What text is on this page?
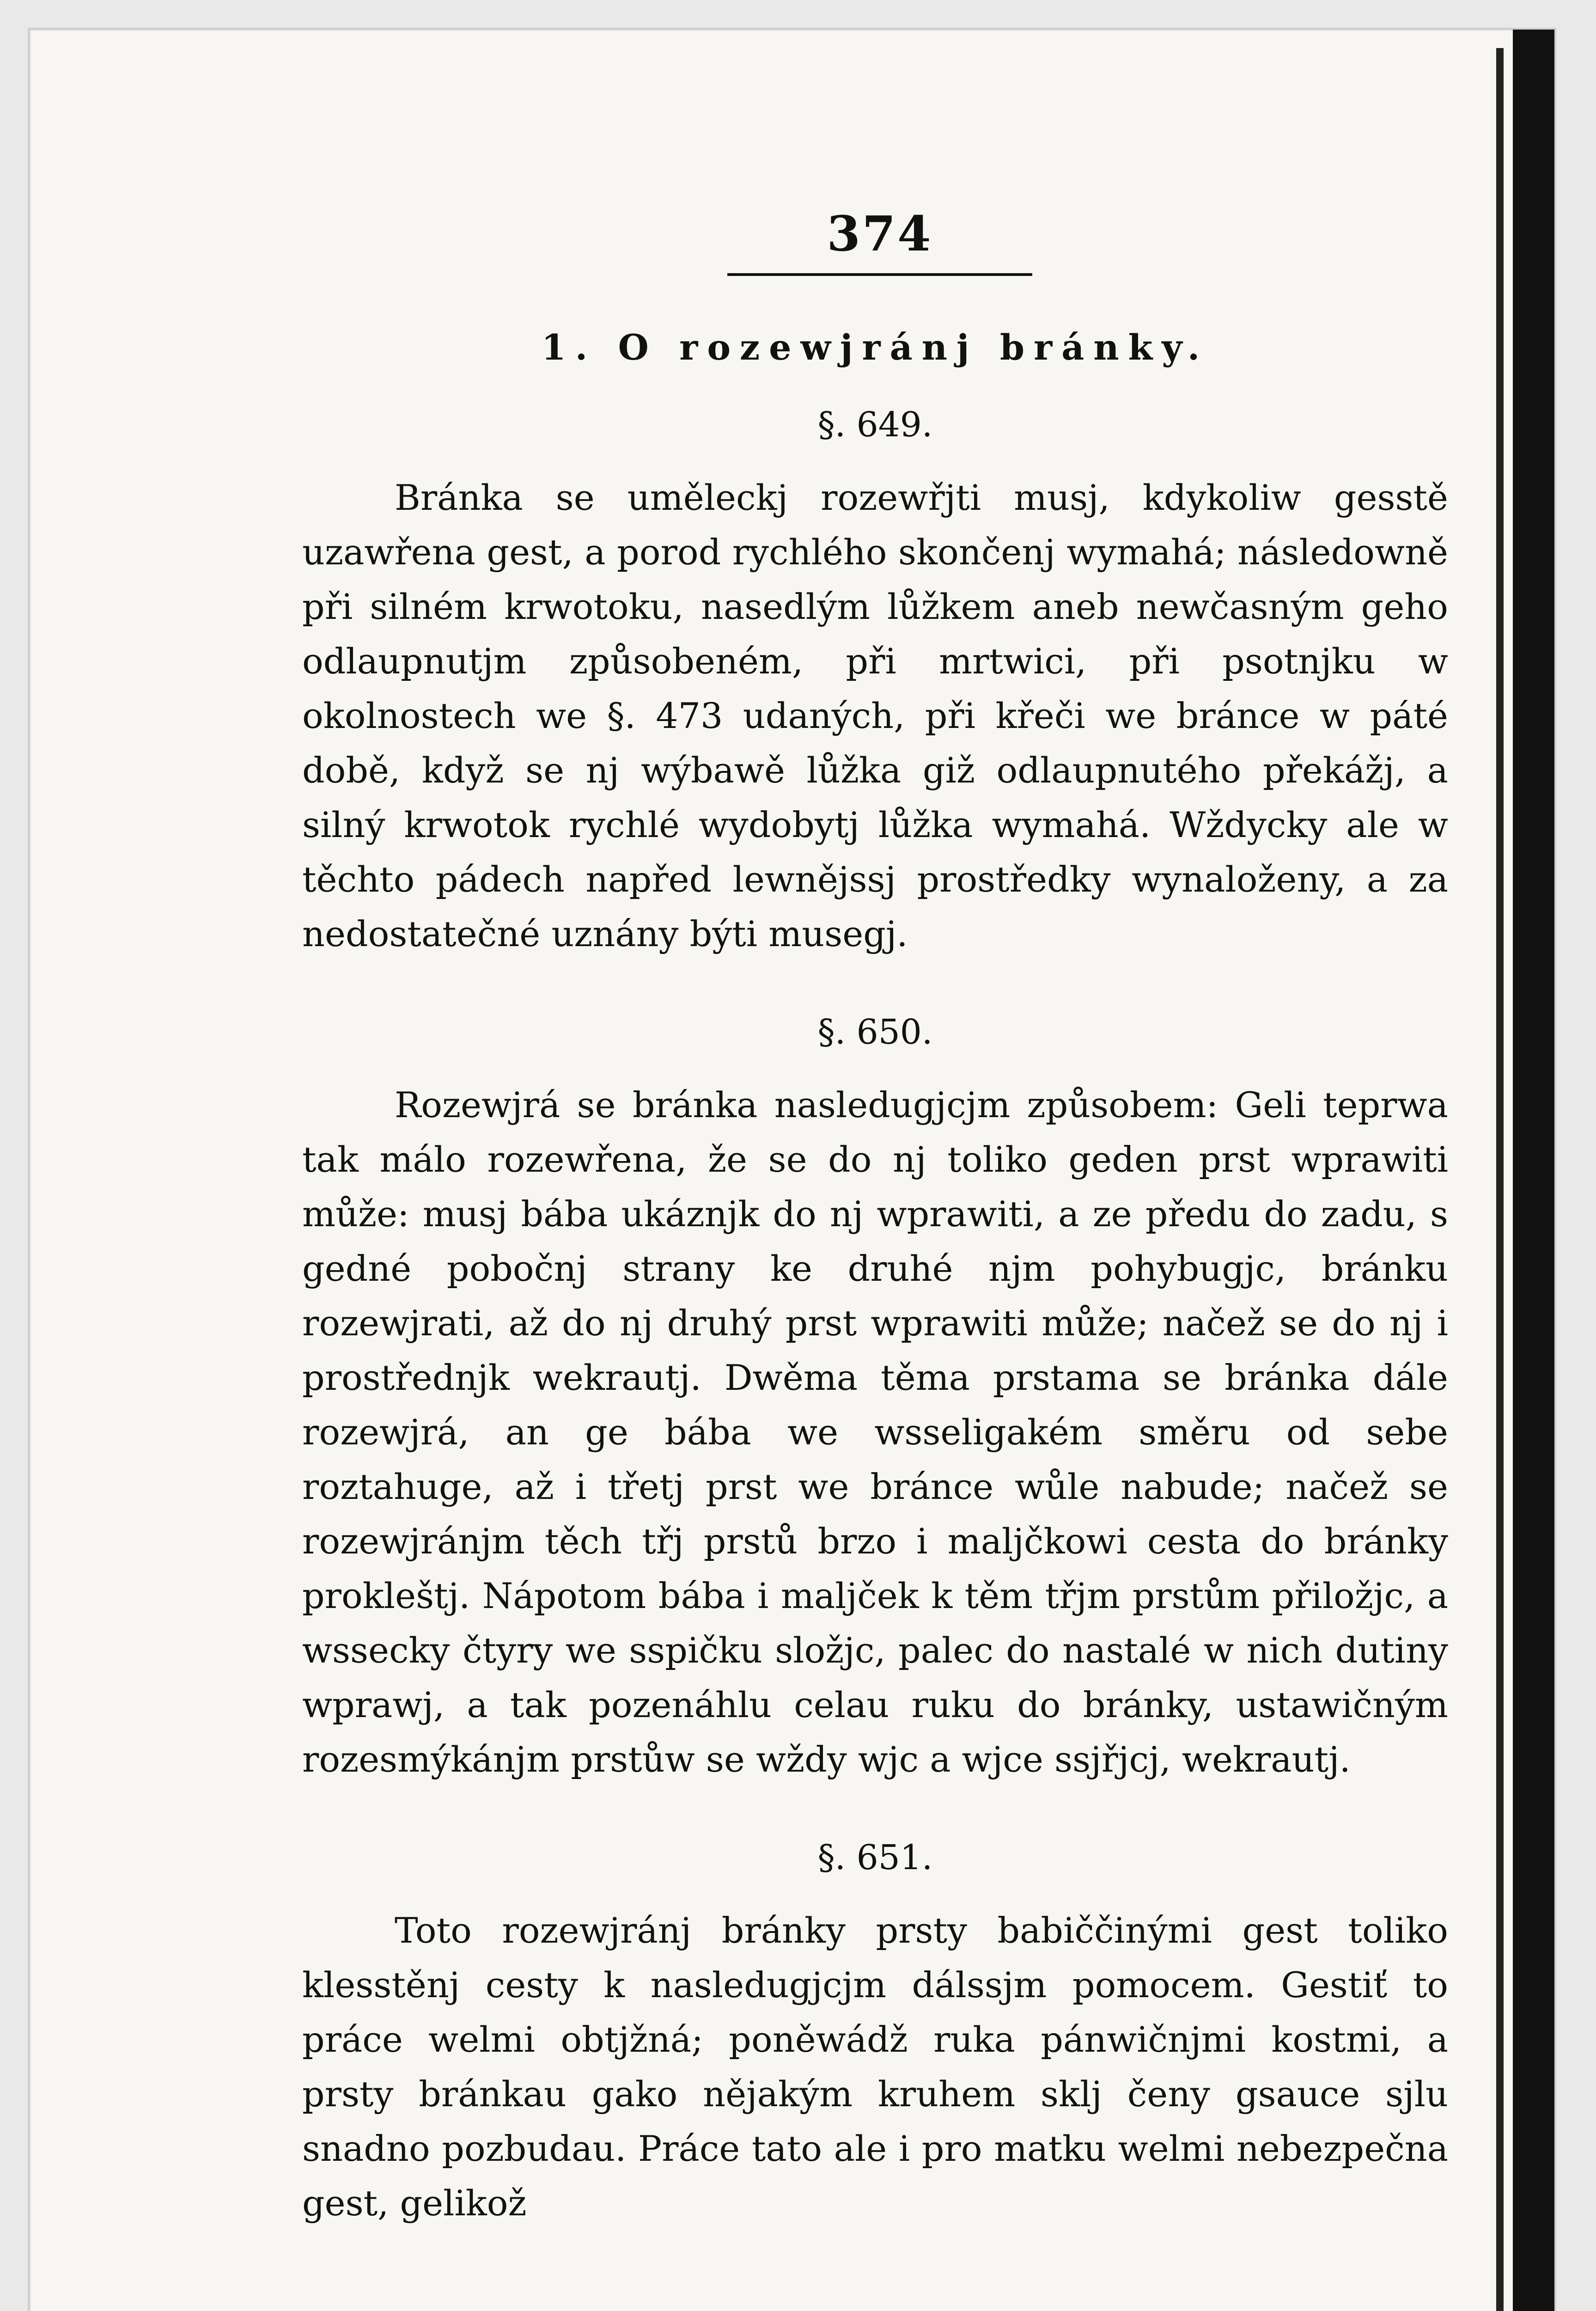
374
1. O rozewjránj bránky.
§. 649.

Bránka se uměleckj rozewřjti musj, kdykoliw gesstě uzawřena gest, a porod rychlého skončenj wymahá; následowně při silném krwotoku, nasedlým lůžkem aneb newčasným geho odlaupnutjm způsobeném, při mrtwici, při psotnjku w okolnostech we §. 473 udaných, při křeči we bránce w páté době, když se nj wýbawě lůžka giž odlaupnutého překážj, a silný krwotok rychlé wydobytj lůžka wymahá. Wždycky ale w těchto pádech napřed lewnějssj prostředky wynaloženy, a za nedostatečné uznány býti musegj.

§. 650.

Rozewjrá se bránka nasledugjcjm způsobem: Geli teprwa tak málo rozewřena, že se do nj toliko geden prst wprawiti může: musj bába ukáznjk do nj wprawiti, a ze předu do zadu, s gedné pobočnj strany ke druhé njm pohybugjc, bránku rozewjrati, až do nj druhý prst wprawiti může; načež se do nj i prostřednjk wekrautj. Dwěma těma prstama se bránka dále rozewjrá, an ge bába we wsseligakém směru od sebe roztahuge, až i třetj prst we bránce wůle nabude; načež se rozewjránjm těch třj prstů brzo i maljčkowi cesta do bránky prokleštj. Nápotom bába i maljček k těm třjm prstům přiložjc, a wssecky čtyry we sspičku složjc, palec do nastalé w nich dutiny wprawj, a tak pozenáhlu celau ruku do bránky, ustawičným rozesmýkánjm prstůw se wždy wjc a wjce ssjřjcj, wekrautj.

§. 651.

Toto rozewjránj bránky prsty babiččinými gest toliko klesstěnj cesty k nasledugjcjm dálssjm pomocem. Gestiť to práce welmi obtjžná; poněwádž ruka pánwičnjmi kostmi, a prsty bránkau gako nějakým kruhem sklj čeny gsauce sjlu snadno pozbudau. Práce tato ale i pro matku welmi nebezpečna gest, gelikož
